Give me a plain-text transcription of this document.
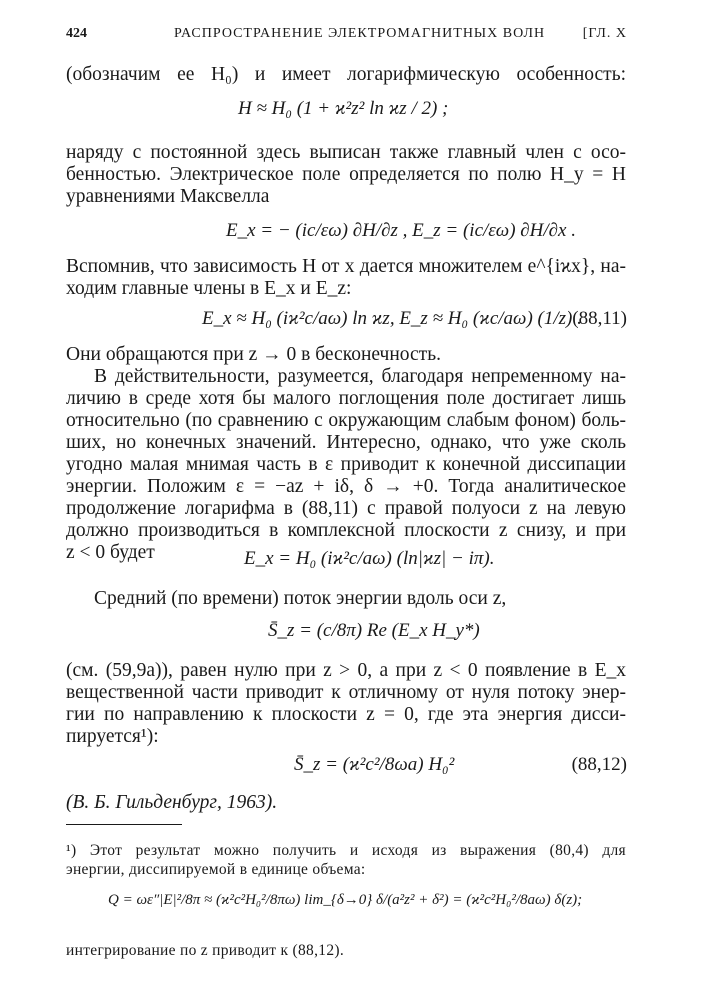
424	РАСПРОСТРАНЕНИЕ ЭЛЕКТРОМАГНИТНЫХ ВОЛН	[ГЛ. X
(обозначим ее H₀) и имеет логарифмическую особенность:
H ≈ H₀ (1 + ϰ²z² ln ϰz / 2) ;
наряду с постоянной здесь выписан также главный член с осо-
бенностью. Электрическое поле определяется по полю H_y = H
уравнениями Максвелла
E_x = − (ic/εω) ∂H/∂z , E_z = (ic/εω) ∂H/∂x .
Вспомнив, что зависимость H от x дается множителем e^{iϰx}, на-
ходим главные члены в E_x и E_z:
E_x ≈ H₀ (iϰ²c/aω) ln ϰz, E_z ≈ H₀ (ϰc/aω) (1/z) .
(88,11)
Они обращаются при z → 0 в бесконечность.
В действительности, разумеется, благодаря непременному на-
личию в среде хотя бы малого поглощения поле достигает лишь
относительно (по сравнению с окружающим слабым фоном) боль-
ших, но конечных значений. Интересно, однако, что уже сколь
угодно малая мнимая часть в ε приводит к конечной диссипации
энергии. Положим ε = −az + iδ, δ → +0. Тогда аналитическое
продолжение логарифма в (88,11) с правой полуоси z на левую
должно производиться в комплексной плоскости z снизу, и при
z < 0 будет	E_x = H₀ (iϰ²c/aω) (ln|ϰz| − iπ).
Средний (по времени) поток энергии вдоль оси z,
S̄_z = (c/8π) Re (E_x H_y*)
(см. (59,9а)), равен нулю при z > 0, а при z < 0 появление в E_x
вещественной части приводит к отличному от нуля потоку энер-
гии по направлению к плоскости z = 0, где эта энергия дисси-
пируется¹):
S̄_z = (ϰ²c²/8ωa) H₀²	(88,12)
(В. Б. Гильденбург, 1963).
¹) Этот результат можно получить и исходя из выражения (80,4) для
энергии, диссипируемой в единице объема:
Q = ωε″|E|²/8π ≈ (ϰ²c²H₀²/8πω) lim_{δ→0} δ/(a²z² + δ²) = (ϰ²c²H₀²/8aω) δ(z);
интегрирование по z приводит к (88,12).
